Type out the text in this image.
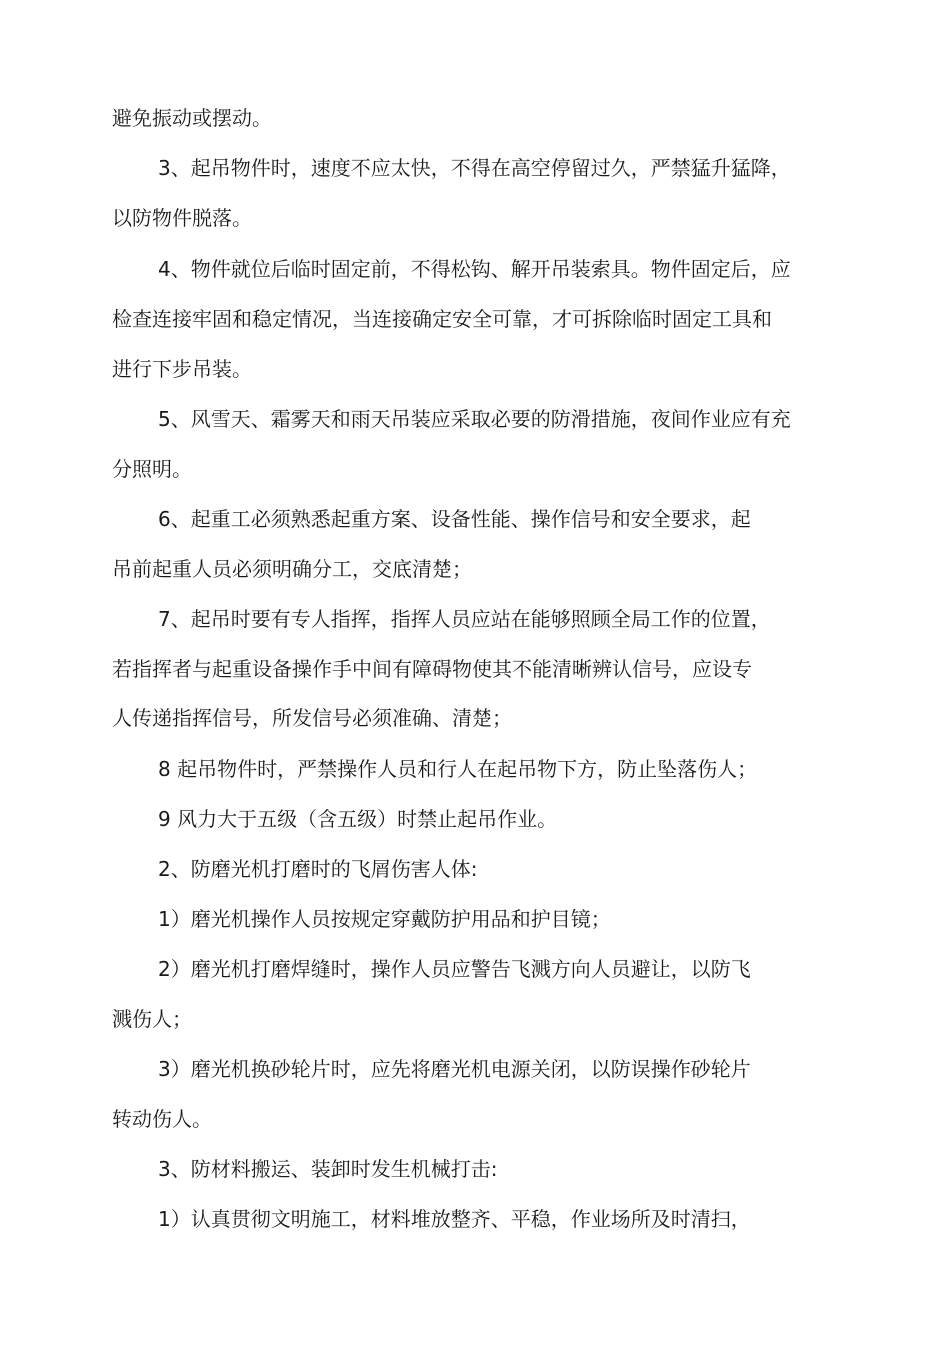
避免振动或摆动。

3、起吊物件时，速度不应太快，不得在高空停留过久，严禁猛升猛降，

以防物件脱落。

4、物件就位后临时固定前，不得松钩、解开吊装索具。物件固定后，应

检查连接牢固和稳定情况，当连接确定安全可靠，才可拆除临时固定工具和

进行下步吊装。

5、风雪天、霜雾天和雨天吊装应采取必要的防滑措施，夜间作业应有充

分照明。

6、起重工必须熟悉起重方案、设备性能、操作信号和安全要求，起

吊前起重人员必须明确分工，交底清楚；

7、起吊时要有专人指挥，指挥人员应站在能够照顾全局工作的位置，

若指挥者与起重设备操作手中间有障碍物使其不能清晰辨认信号，应设专

人传递指挥信号，所发信号必须准确、清楚；

8 起吊物件时，严禁操作人员和行人在起吊物下方，防止坠落伤人；

9 风力大于五级（含五级）时禁止起吊作业。

2、防磨光机打磨时的飞屑伤害人体:

1）磨光机操作人员按规定穿戴防护用品和护目镜；

2）磨光机打磨焊缝时，操作人员应警告飞溅方向人员避让，以防飞

溅伤人；

3）磨光机换砂轮片时，应先将磨光机电源关闭，以防误操作砂轮片

转动伤人。

3、防材料搬运、装卸时发生机械打击:

1）认真贯彻文明施工，材料堆放整齐、平稳，作业场所及时清扫，
